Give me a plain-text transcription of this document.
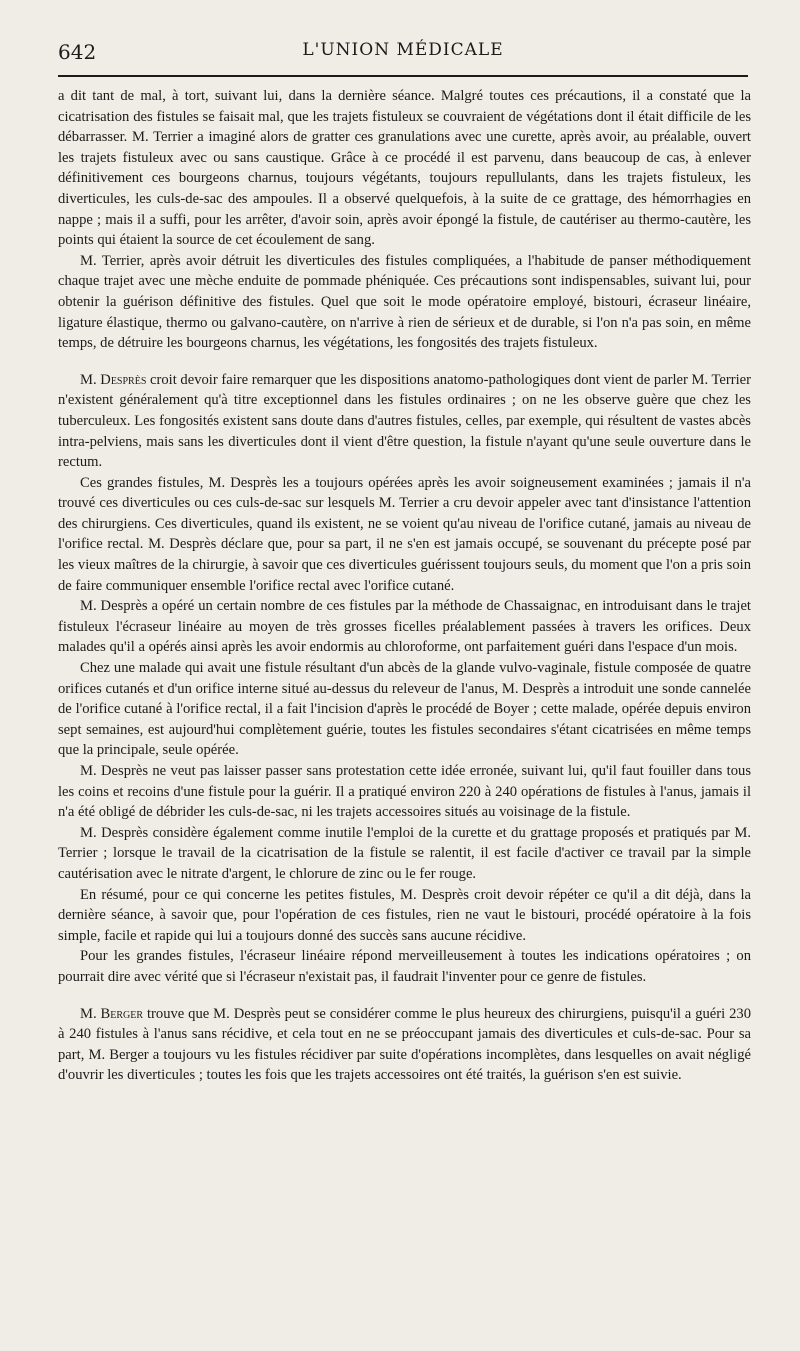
642	L'UNION MÉDICALE

a dit tant de mal, à tort, suivant lui, dans la dernière séance. Malgré toutes ces précautions, il a constaté que la cicatrisation des fistules se faisait mal, que les trajets fistuleux se couvraient de végétations dont il était difficile de les débarrasser. M. Terrier a imaginé alors de gratter ces granulations avec une curette, après avoir, au préalable, ouvert les trajets fistuleux avec ou sans caustique. Grâce à ce procédé il est parvenu, dans beaucoup de cas, à enlever définitivement ces bourgeons charnus, toujours végétants, toujours repullulants, dans les trajets fistuleux, les diverticules, les culs-de-sac des ampoules. Il a observé quelquefois, à la suite de ce grattage, des hémorrhagies en nappe ; mais il a suffi, pour les arrêter, d'avoir soin, après avoir épongé la fistule, de cautériser au thermo-cautère, les points qui étaient la source de cet écoulement de sang.

M. Terrier, après avoir détruit les diverticules des fistules compliquées, a l'habitude de panser méthodiquement chaque trajet avec une mèche enduite de pommade phéniquée. Ces précautions sont indispensables, suivant lui, pour obtenir la guérison définitive des fistules. Quel que soit le mode opératoire employé, bistouri, écraseur linéaire, ligature élastique, thermo ou galvano-cautère, on n'arrive à rien de sérieux et de durable, si l'on n'a pas soin, en même temps, de détruire les bourgeons charnus, les végétations, les fongosités des trajets fistuleux.

M. Desprès croit devoir faire remarquer que les dispositions anatomo-pathologiques dont vient de parler M. Terrier n'existent généralement qu'à titre exceptionnel dans les fistules ordinaires ; on ne les observe guère que chez les tuberculeux. Les fongosités existent sans doute dans d'autres fistules, celles, par exemple, qui résultent de vastes abcès intra-pelviens, mais sans les diverticules dont il vient d'être question, la fistule n'ayant qu'une seule ouverture dans le rectum.

Ces grandes fistules, M. Desprès les a toujours opérées après les avoir soigneusement examinées ; jamais il n'a trouvé ces diverticules ou ces culs-de-sac sur lesquels M. Terrier a cru devoir appeler avec tant d'insistance l'attention des chirurgiens. Ces diverticules, quand ils existent, ne se voient qu'au niveau de l'orifice cutané, jamais au niveau de l'orifice rectal. M. Desprès déclare que, pour sa part, il ne s'en est jamais occupé, se souvenant du précepte posé par les vieux maîtres de la chirurgie, à savoir que ces diverticules guérissent toujours seuls, du moment que l'on a pris soin de faire communiquer ensemble l'orifice rectal avec l'orifice cutané.

M. Desprès a opéré un certain nombre de ces fistules par la méthode de Chassaignac, en introduisant dans le trajet fistuleux l'écraseur linéaire au moyen de très grosses ficelles préalablement passées à travers les orifices. Deux malades qu'il a opérés ainsi après les avoir endormis au chloroforme, ont parfaitement guéri dans l'espace d'un mois.

Chez une malade qui avait une fistule résultant d'un abcès de la glande vulvo-vaginale, fistule composée de quatre orifices cutanés et d'un orifice interne situé au-dessus du releveur de l'anus, M. Desprès a introduit une sonde cannelée de l'orifice cutané à l'orifice rectal, il a fait l'incision d'après le procédé de Boyer ; cette malade, opérée depuis environ sept semaines, est aujourd'hui complètement guérie, toutes les fistules secondaires s'étant cicatrisées en même temps que la principale, seule opérée.

M. Desprès ne veut pas laisser passer sans protestation cette idée erronée, suivant lui, qu'il faut fouiller dans tous les coins et recoins d'une fistule pour la guérir. Il a pratiqué environ 220 à 240 opérations de fistules à l'anus, jamais il n'a été obligé de débrider les culs-de-sac, ni les trajets accessoires situés au voisinage de la fistule.

M. Desprès considère également comme inutile l'emploi de la curette et du grattage proposés et pratiqués par M. Terrier ; lorsque le travail de la cicatrisation de la fistule se ralentit, il est facile d'activer ce travail par la simple cautérisation avec le nitrate d'argent, le chlorure de zinc ou le fer rouge.

En résumé, pour ce qui concerne les petites fistules, M. Desprès croit devoir répéter ce qu'il a dit déjà, dans la dernière séance, à savoir que, pour l'opération de ces fistules, rien ne vaut le bistouri, procédé opératoire à la fois simple, facile et rapide qui lui a toujours donné des succès sans aucune récidive.

Pour les grandes fistules, l'écraseur linéaire répond merveilleusement à toutes les indications opératoires ; on pourrait dire avec vérité que si l'écraseur n'existait pas, il faudrait l'inventer pour ce genre de fistules.

M. Berger trouve que M. Desprès peut se considérer comme le plus heureux des chirurgiens, puisqu'il a guéri 230 à 240 fistules à l'anus sans récidive, et cela tout en ne se préoccupant jamais des diverticules et culs-de-sac. Pour sa part, M. Berger a toujours vu les fistules récidiver par suite d'opérations incomplètes, dans lesquelles on avait négligé d'ouvrir les diverticules ; toutes les fois que les trajets accessoires ont été traités, la guérison s'en est suivie.
